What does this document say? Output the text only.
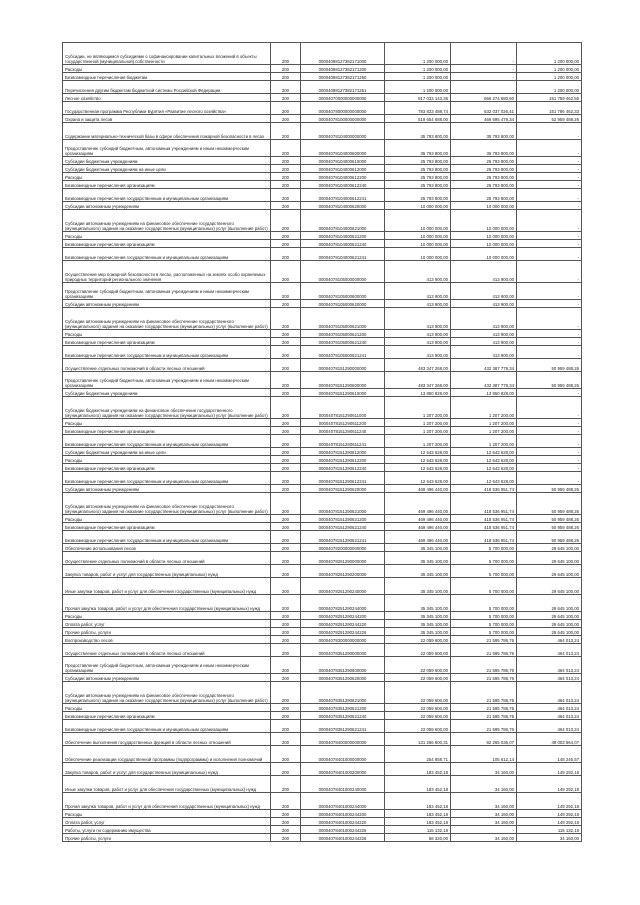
Субсидии, не являющимся субсидиями о софинансировании капитальных вложений в объекты государственной (муниципальной) собственности	200	00004098127382171000	1 200 000,00	-	1 200 000,00
Расходы	200	00004098127382171200	1 200 000,00	-	1 200 000,00
Безвозмездные перечисления бюджетам	200	00004098127382171250	1 200 000,00	-	1 200 000,00
Перечисления другим бюджетам бюджетной системы Российской Федерации	200	00004098127382171251	1 200 000,00	-	1 200 000,00
Лесное хозяйство	200	00004070000000000000	817 033 143,36	666 274 680,60	151 759 462,56
Государственная программа Республики Бурятия «Развитие лесного хозяйства»	200	00004078000000000000	783 823 488,74	632 037 026,41	151 786 462,33
Охрана и защита лесов	200	00004078100000000000	519 654 688,00	466 695 479,34	52 959 488,26
Содержание материально-технической базы в сфере обеспечения пожарной безопасности в лесах	200	00004078104000000000	35 793 800,00	35 793 800,00	-
Предоставление субсидий бюджетным, автономным учреждениям и иным некоммерческим организациям	200	00004078104000600000	35 793 800,00	35 793 800,00	-
Субсидии бюджетным учреждениям	200	00004078104000610000	25 793 800,00	25 793 800,00	-
Субсидии бюджетным учреждениям на иные цели	200	00004078104000612000	25 793 800,00	25 793 800,00	-
Расходы	200	00004078104000612200	25 793 800,00	25 793 800,00	-
Безвозмездные перечисления организациям	200	00004078104000612240	25 793 800,00	25 793 800,00	-
Безвозмездные перечисления государственным и муниципальным организациям	200	00004078104000612241	25 793 800,00	25 793 800,00	-
Субсидии автономным учреждениям	200	00004078104000620000	10 000 000,00	10 000 000,00	-
Субсидии автономным учреждениям на финансовое обеспечение государственного (муниципального) задания на оказание государственных (муниципальных) услуг (выполнение работ)	200	00004078104000621000	10 000 000,00	10 000 000,00	-
Расходы	200	00004078104000621200	10 000 000,00	10 000 000,00	-
Безвозмездные перечисления организациям	200	00004078104000621240	10 000 000,00	10 000 000,00	-
Безвозмездные перечисления государственным и муниципальным организациям	200	00004078104000621241	10 000 000,00	10 000 000,00	-
Осуществление мер пожарной безопасности в лесах, расположенных на землях особо охраняемых природных территорий регионального значения	200	00004078105000000000	413 900,00	413 900,00	-
Предоставление субсидий бюджетным, автономным учреждениям и иным некоммерческим организациям	200	00004078105000600000	413 900,00	413 900,00	-
Субсидии автономным учреждениям	200	00004078105000620000	413 900,00	413 900,00	-
Субсидии автономным учреждениям на финансовое обеспечение государственного (муниципального) задания на оказание государственных (муниципальных) услуг (выполнение работ)	200	00004078105000621000	413 900,00	413 900,00	-
Расходы	200	00004078105000621200	413 900,00	413 900,00	-
Безвозмездные перечисления организациям	200	00004078105000621240	413 900,00	413 900,00	-
Безвозмездные перечисления государственным и муниципальным организациям	200	00004078105000621241	413 900,00	413 900,00	-
Осуществление отдельных полномочий в области лесных отношений	200	00004078151290000000	483 347 268,00	432 387 779,34	50 959 488,26
Предоставление субсидий бюджетным, автономным учреждениям и иным некоммерческим организациям	200	00004078151290600000	483 347 268,00	432 387 779,34	50 959 488,26
Субсидии бюджетным учреждениям	200	00004078151290610000	13 850 828,00	13 850 828,00	-
Субсидии бюджетным учреждениям на финансовое обеспечение государственного (муниципального) задания на оказание государственных (муниципальных) услуг (выполнение работ)	200	00004078151290611000	1 207 200,00	1 207 200,00	-
Расходы	200	00004078151290611200	1 207 200,00	1 207 200,00	-
Безвозмездные перечисления организациям	200	00004078151290611240	1 207 200,00	1 207 200,00	-
Безвозмездные перечисления государственным и муниципальным организациям	200	00004078151290611241	1 207 200,00	1 207 200,00	-
Субсидии бюджетным учреждениям на иные цели	200	00004078151290612000	12 643 628,00	12 643 628,00	-
Расходы	200	00004078151290612200	12 643 628,00	12 643 628,00	-
Безвозмездные перечисления организациям	200	00004078151290612240	12 643 628,00	12 643 628,00	-
Безвозмездные перечисления государственным и муниципальным организациям	200	00004078151290612241	12 643 628,00	12 643 628,00	-
Субсидии автономным учреждениям	200	00004078151290620000	469 496 440,00	418 536 951,74	50 959 488,26
Субсидии автономным учреждениям на финансовое обеспечение государственного (муниципального) задания на оказание государственных (муниципальных) услуг (выполнение работ)	200	00004078151290621000	469 496 440,00	418 536 951,74	50 959 488,26
Расходы	200	00004078151290621200	469 496 440,00	418 536 951,74	50 959 488,26
Безвозмездные перечисления организациям	200	00004078151290621240	469 496 440,00	418 536 951,74	50 959 488,26
Безвозмездные перечисления государственным и муниципальным организациям	200	00004078151290621241	469 496 440,00	418 536 951,74	50 959 488,26
Обеспечение использования лесов	200	00004078200000000000	35 345 100,00	5 700 000,00	29 645 100,00
Осуществление отдельных полномочий в области лесных отношений	200	00004078251290000000	35 345 100,00	5 700 000,00	29 645 100,00
Закупка товаров, работ и услуг для государственных (муниципальных) нужд	200	00004078251290200000	35 345 100,00	5 700 000,00	29 645 100,00
Иные закупки товаров, работ и услуг для обеспечения государственных (муниципальных) нужд	200	00004078251290240000	35 345 100,00	5 700 000,00	29 645 100,00
Прочая закупка товаров, работ и услуг для обеспечения государственных (муниципальных) нужд	200	00004078251290244000	35 345 100,00	5 700 000,00	29 645 100,00
Расходы	200	00004078251290244200	35 345 100,00	5 700 000,00	29 645 100,00
Оплата работ, услуг	200	00004078251290244220	35 345 100,00	5 700 000,00	29 645 100,00
Прочие работы, услуги	200	00004078251290244226	35 345 100,00	5 700 000,00	29 645 100,00
Воспроизводство лесов	200	00004078300000000000	22 059 600,00	21 595 786,76	464 013,24
Осуществление отдельных полномочий в области лесных отношений	200	00004078351290000000	22 059 600,00	21 595 786,76	464 013,24
Предоставление субсидий бюджетным, автономным учреждениям и иным некоммерческим организациям	200	00004078351290600000	22 059 600,00	21 595 786,76	464 013,24
Субсидии автономным учреждениям	200	00004078351290620000	22 059 600,00	21 595 786,76	464 013,24
Субсидии автономным учреждениям на финансовое обеспечение государственного (муниципального) задания на оказание государственных (муниципальных) услуг (выполнение работ)	200	00004078351290621000	22 059 600,00	21 595 786,76	464 013,24
Расходы	200	00004078351290621200	22 059 600,00	21 595 786,76	464 013,24
Безвозмездные перечисления организациям	200	00004078351290621240	22 059 600,00	21 595 786,76	464 013,24
Безвозмездные перечисления государственным и муниципальным организациям	200	00004078351290621241	22 059 600,00	21 595 786,76	464 013,24
Обеспечение выполнения государственных функций в области лесных отношений	200	00004078400000000000	131 266 600,31	82 265 036,07	49 003 564,07
Обеспечение реализации государственной программы (подпрограммы) и исполнения полномочий	200	00004078401000000000	254 858,71	105 612,14	148 246,57
Закупка товаров, работ и услуг для государственных (муниципальных) нужд	200	00004078401000200000	183 452,18	34 160,00	149 292,18
Иные закупки товаров, работ и услуг для обеспечения государственных (муниципальных) нужд	200	00004078401000240000	183 452,18	34 160,00	149 292,18
Прочая закупка товаров, работ и услуг для обеспечения государственных (муниципальных) нужд	200	00004078401000244000	183 452,18	34 160,00	149 292,18
Расходы	200	00004078401000244200	183 452,18	34 160,00	149 292,18
Оплата работ, услуг	200	00004078401000244220	183 452,18	34 160,00	149 292,18
Работы, услуги по содержанию имущества	200	00004078401000244225	115 132,18	-	115 132,18
Прочие работы, услуги	200	00004078401000244226	68 320,00	34 160,00	34 160,00
